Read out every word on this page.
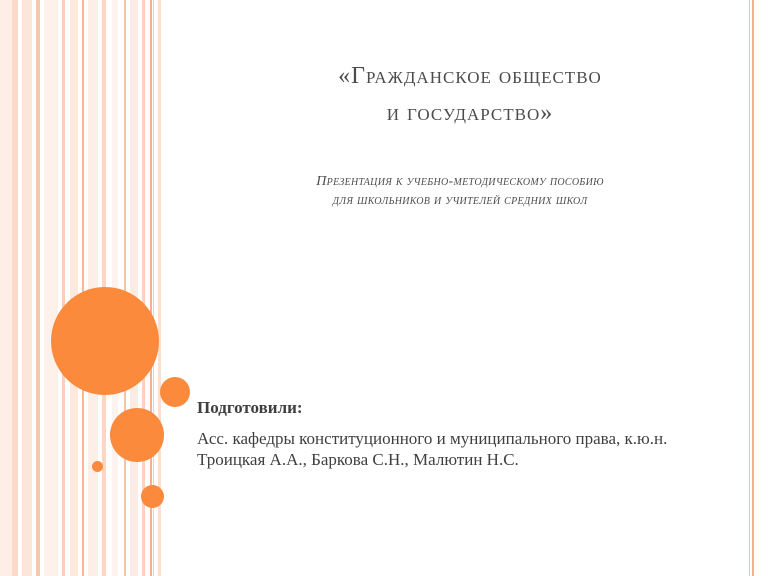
«Гражданское общество
и государство»
Презентация к учебно-методическому пособию
для школьников и учителей средних школ
Подготовили:
Асс. кафедры конституционного и муниципального права, к.ю.н. Троицкая А.А., Баркова С.Н., Малютин Н.С.
